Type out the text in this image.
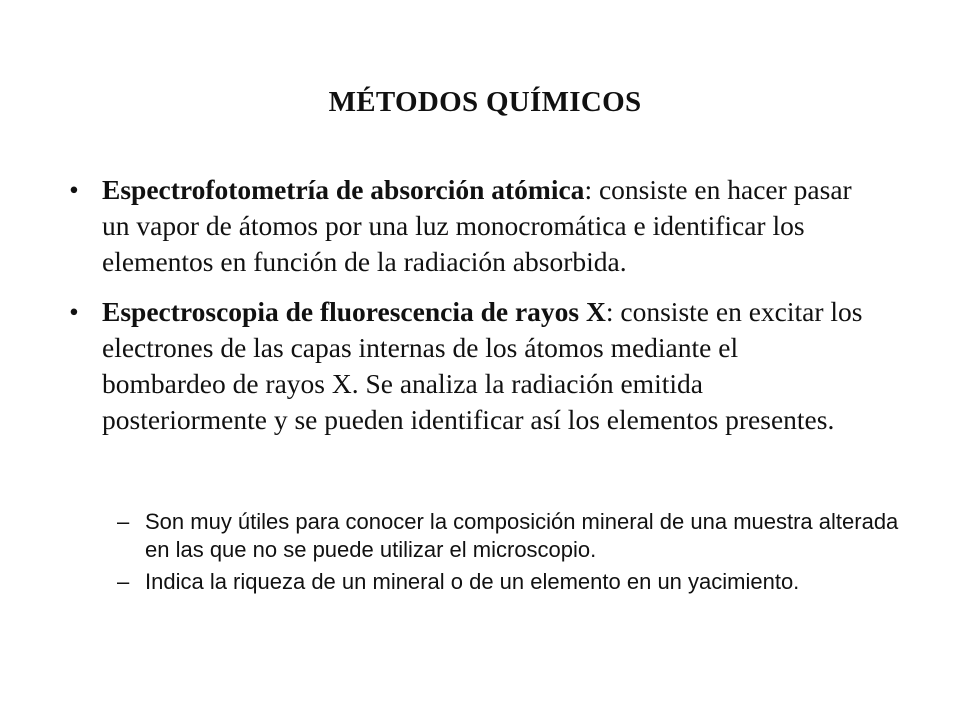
MÉTODOS QUÍMICOS
• Espectrofotometría de absorción atómica: consiste en hacer pasar un vapor de átomos por una luz monocromática e identificar los elementos en función de la radiación absorbida.
• Espectroscopia de fluorescencia de rayos X: consiste en excitar los electrones de las capas internas de los átomos mediante el bombardeo de rayos X. Se analiza la radiación emitida posteriormente y se pueden identificar así los elementos presentes.
– Son muy útiles para conocer la composición mineral de una muestra alterada en las que no se puede utilizar el microscopio.
– Indica la riqueza de un mineral o de un elemento en un yacimiento.
